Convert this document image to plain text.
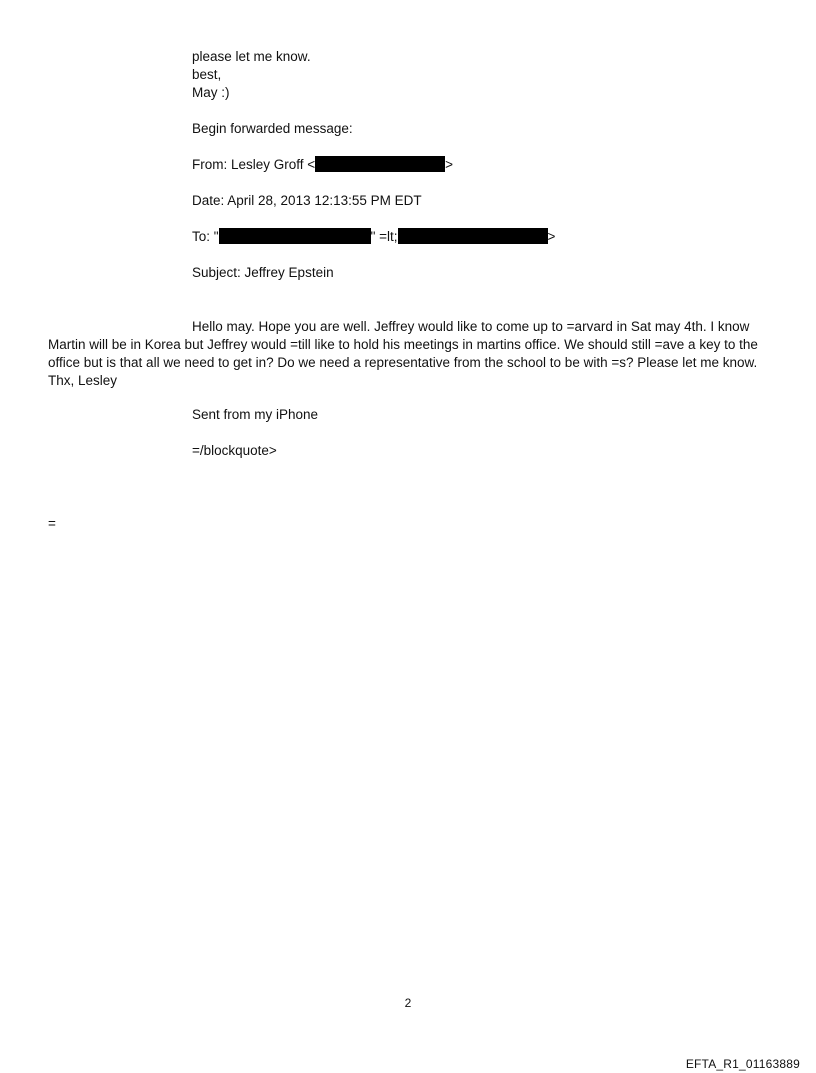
please let me know.
best,
May :)
Begin forwarded message:
From: Lesley Groff <	>
Date: April 28, 2013 12:13:55 PM EDT
To: "	" =lt;	>
Subject: Jeffrey Epstein
Hello may. Hope you are well. Jeffrey would like to come up to =arvard in Sat may 4th. I know Martin will be in Korea but Jeffrey would =till like to hold his meetings in martins office. We should still =ave a key to the office but is that all we need to get in? Do we need a representative from the school to be with =s? Please let me know. Thx, Lesley
Sent from my iPhone
=/blockquote>
=
2
EFTA_R1_01163889
